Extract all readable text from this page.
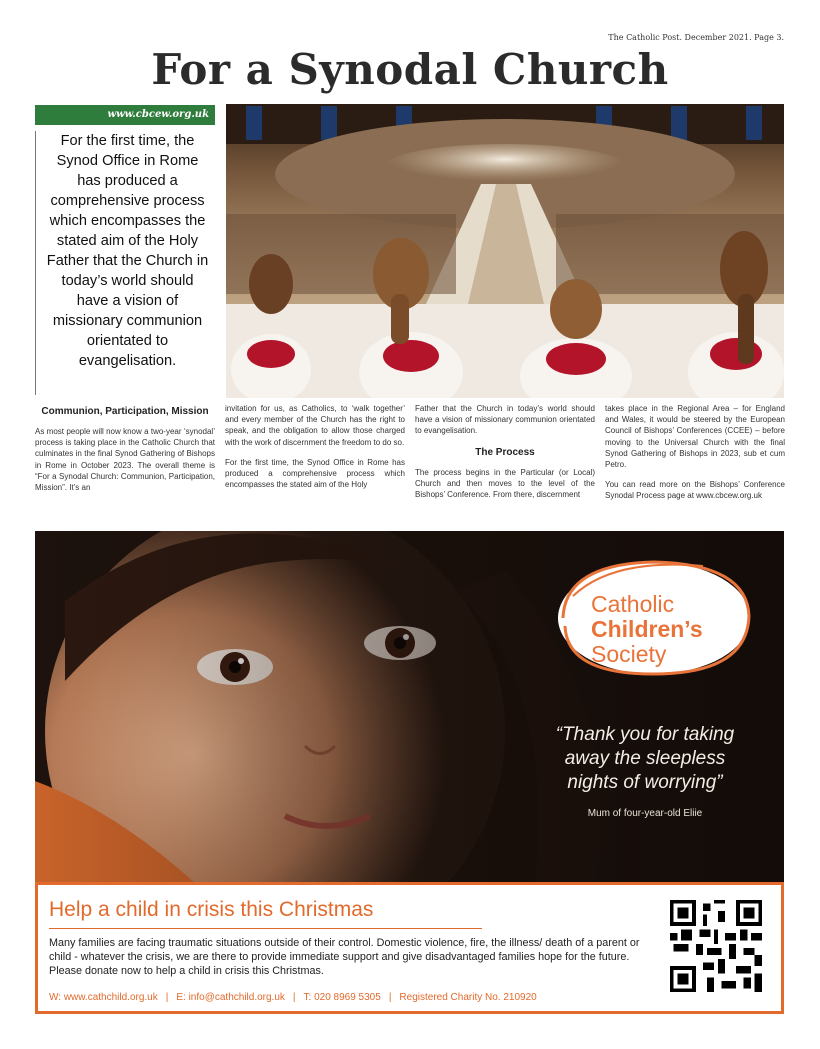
The Catholic Post. December 2021. Page 3.
For a Synodal Church
www.cbcew.org.uk
For the first time, the Synod Office in Rome has produced a comprehensive process which encompasses the stated aim of the Holy Father that the Church in today’s world should have a vision of missionary communion orientated to evangelisation.
Communion, Participation, Mission

As most people will now know a two-year ‘synodal’ process is taking place in the Catholic Church that culminates in the final Synod Gathering of Bishops in Rome in October 2023. The overall theme is “For a Synodal Church: Communion, Participation, Mission”. It’s an

invitation for us, as Catholics, to ‘walk together’ and every member of the Church has the right to speak, and the obligation to allow those charged with the work of discernment the freedom to do so.

For the first time, the Synod Office in Rome has produced a comprehensive process which encompasses the stated aim of the Holy

Father that the Church in today’s world should have a vision of missionary communion orientated to evangelisation.

The Process

The process begins in the Particular (or Local) Church and then moves to the level of the Bishops’ Conference. From there, discernment

takes place in the Regional Area – for England and Wales, it would be steered by the European Council of Bishops’ Conferences (CCEE) – before moving to the Universal Church with the final Synod Gathering of Bishops in 2023, sub et cum Petro.

You can read more on the Bishops’ Conference Synodal Process page at www.cbcew.org.uk

Catholic
Children’s
Society
“Thank you for taking
away the sleepless
nights of worrying”
Mum of four-year-old Eliie
Help a child in crisis this Christmas
Many families are facing traumatic situations outside of their control. Domestic violence, fire, the illness/ death of a parent or child - whatever the crisis, we are there to provide immediate support and give disadvantaged families hope for the future. Please donate now to help a child in crisis this Christmas.
W: www.cathchild.org.uk | E: info@cathchild.org.uk | T: 020 8969 5305 | Registered Charity No. 210920
